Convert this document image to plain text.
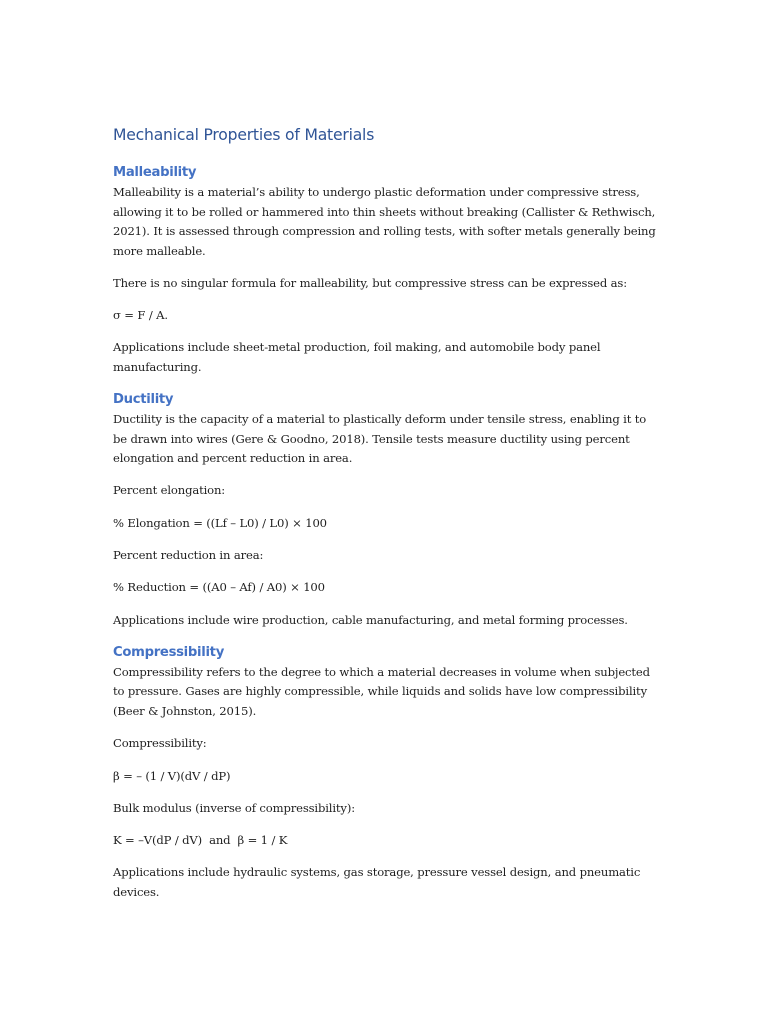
Mechanical Properties of Materials
Malleability

Malleability is a material’s ability to undergo plastic deformation under compressive stress, allowing it to be rolled or hammered into thin sheets without breaking (Callister & Rethwisch, 2021). It is assessed through compression and rolling tests, with softer metals generally being more malleable.

There is no singular formula for malleability, but compressive stress can be expressed as:

σ = F / A.

Applications include sheet-metal production, foil making, and automobile body panel manufacturing.

Ductility

Ductility is the capacity of a material to plastically deform under tensile stress, enabling it to be drawn into wires (Gere & Goodno, 2018). Tensile tests measure ductility using percent elongation and percent reduction in area.

Percent elongation:

% Elongation = ((Lf – L0) / L0) × 100

Percent reduction in area:

% Reduction = ((A0 – Af) / A0) × 100

Applications include wire production, cable manufacturing, and metal forming processes.

Compressibility

Compressibility refers to the degree to which a material decreases in volume when subjected to pressure. Gases are highly compressible, while liquids and solids have low compressibility (Beer & Johnston, 2015).

Compressibility:

β = – (1 / V)(dV / dP)

Bulk modulus (inverse of compressibility):

K = –V(dP / dV)  and  β = 1 / K

Applications include hydraulic systems, gas storage, pressure vessel design, and pneumatic devices.
